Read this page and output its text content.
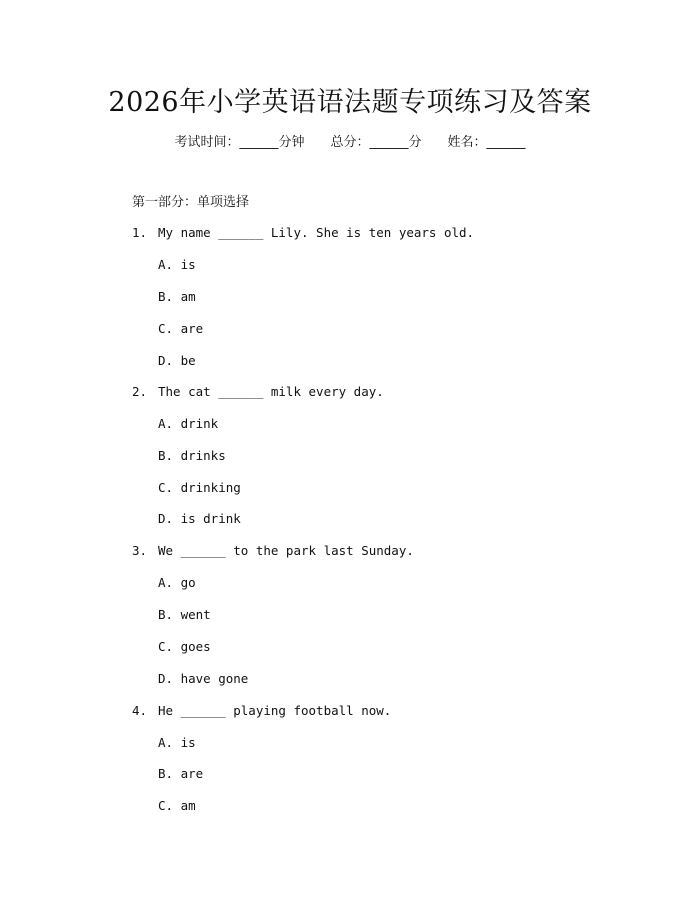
2026年小学英语语法题专项练习及答案
考试时间：______分钟 总分：______分 姓名：______
第一部分：单项选择
1. My name ______ Lily. She is ten years old.
A. is
B. am
C. are
D. be
2. The cat ______ milk every day.
A. drink
B. drinks
C. drinking
D. is drink
3. We ______ to the park last Sunday.
A. go
B. went
C. goes
D. have gone
4. He ______ playing football now.
A. is
B. are
C. am
